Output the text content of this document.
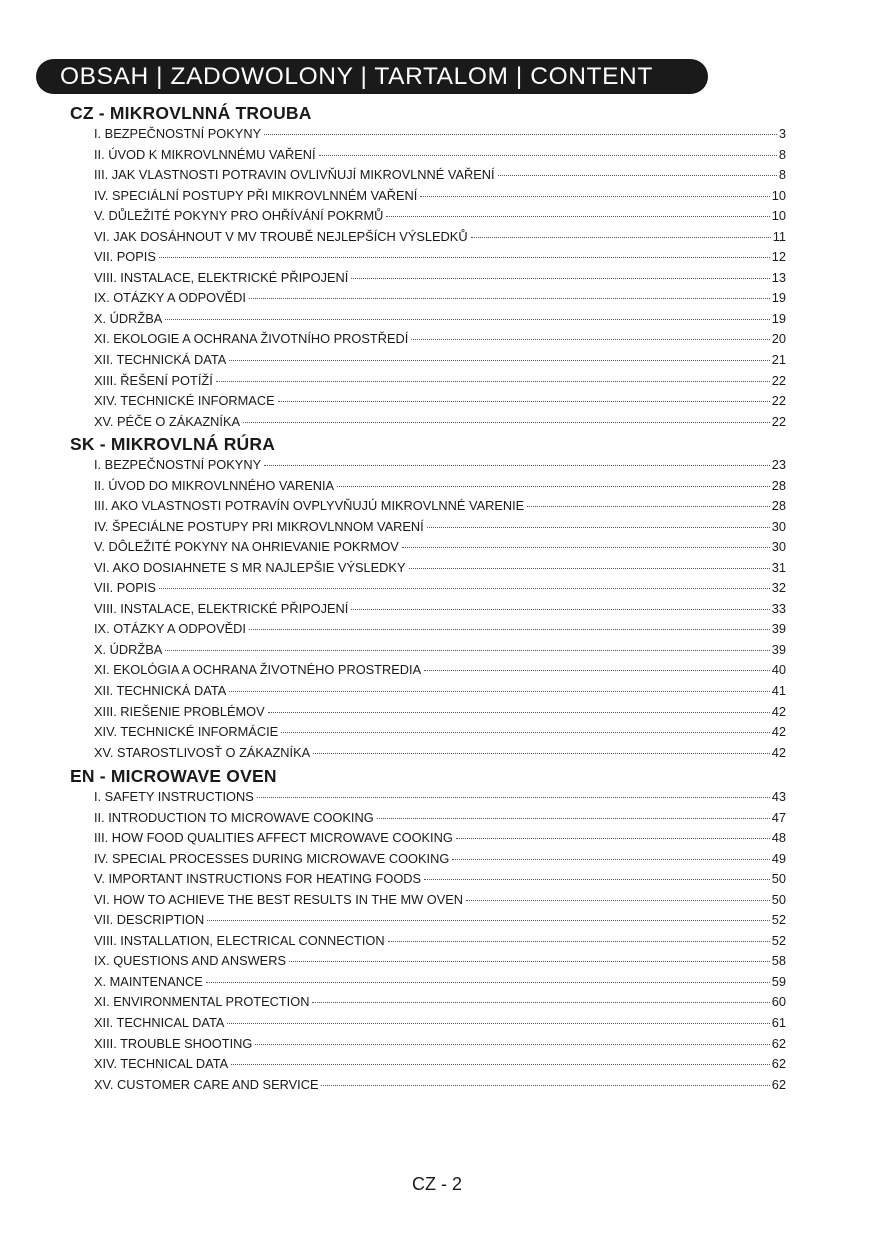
OBSAH | ZADOWOLONY | TARTALOM | CONTENT
CZ - MIKROVLNNÁ TROUBA
I. BEZPEČNOSTNÍ POKYNY	3
II. ÚVOD K MIKROVLNNÉMU VAŘENÍ	8
III. JAK VLASTNOSTI POTRAVIN OVLIVŇUJÍ MIKROVLNNÉ VAŘENÍ	8
IV. SPECIÁLNÍ POSTUPY PŘI MIKROVLNNÉM VAŘENÍ	10
V. DŮLEŽITÉ POKYNY PRO OHŘÍVÁNÍ POKRMŮ	10
VI. JAK DOSÁHNOUT V MV TROUBĚ NEJLEPŠÍCH VÝSLEDKŮ	11
VII. POPIS	12
VIII. INSTALACE, ELEKTRICKÉ PŘIPOJENÍ	13
IX. OTÁZKY A ODPOVĚDI	19
X. ÚDRŽBA	19
XI. EKOLOGIE A OCHRANA ŽIVOTNÍHO PROSTŘEDÍ	20
XII. TECHNICKÁ DATA	21
XIII. ŘEŠENÍ POTÍŽÍ	22
XIV. TECHNICKÉ INFORMACE	22
XV. PÉČE O ZÁKAZNÍKA	22
SK - MIKROVLNÁ RÚRA
I. BEZPEČNOSTNÍ POKYNY	23
II. ÚVOD DO MIKROVLNNÉHO VARENIA	28
III. AKO VLASTNOSTI POTRAVÍN OVPLYVŇUJÚ MIKROVLNNÉ VARENIE	28
IV. ŠPECIÁLNE POSTUPY PRI MIKROVLNNOM VARENÍ	30
V. DÔLEŽITÉ POKYNY NA OHRIEVANIE POKRMOV	30
VI. AKO DOSIAHNETE S MR NAJLEPŠIE VÝSLEDKY	31
VII. POPIS	32
VIII. INSTALACE, ELEKTRICKÉ PŘIPOJENÍ	33
IX. OTÁZKY A ODPOVĚDI	39
X. ÚDRŽBA	39
XI. EKOLÓGIA A OCHRANA ŽIVOTNÉHO PROSTREDIA	40
XII. TECHNICKÁ DATA	41
XIII. RIEŠENIE PROBLÉMOV	42
XIV. TECHNICKÉ INFORMÁCIE	42
XV. STAROSTLIVOSŤ O ZÁKAZNÍKA	42
EN - MICROWAVE OVEN
I. SAFETY INSTRUCTIONS	43
II. INTRODUCTION TO MICROWAVE COOKING	47
III. HOW FOOD QUALITIES AFFECT MICROWAVE COOKING	48
IV. SPECIAL PROCESSES DURING MICROWAVE COOKING	49
V. IMPORTANT INSTRUCTIONS FOR HEATING FOODS	50
VI. HOW TO ACHIEVE THE BEST RESULTS IN THE MW OVEN	50
VII. DESCRIPTION	52
VIII. INSTALLATION, ELECTRICAL CONNECTION	52
IX. QUESTIONS AND ANSWERS	58
X. MAINTENANCE	59
XI. ENVIRONMENTAL PROTECTION	60
XII. TECHNICAL DATA	61
XIII. TROUBLE SHOOTING	62
XIV. TECHNICAL DATA	62
XV. CUSTOMER CARE AND SERVICE	62
CZ - 2
